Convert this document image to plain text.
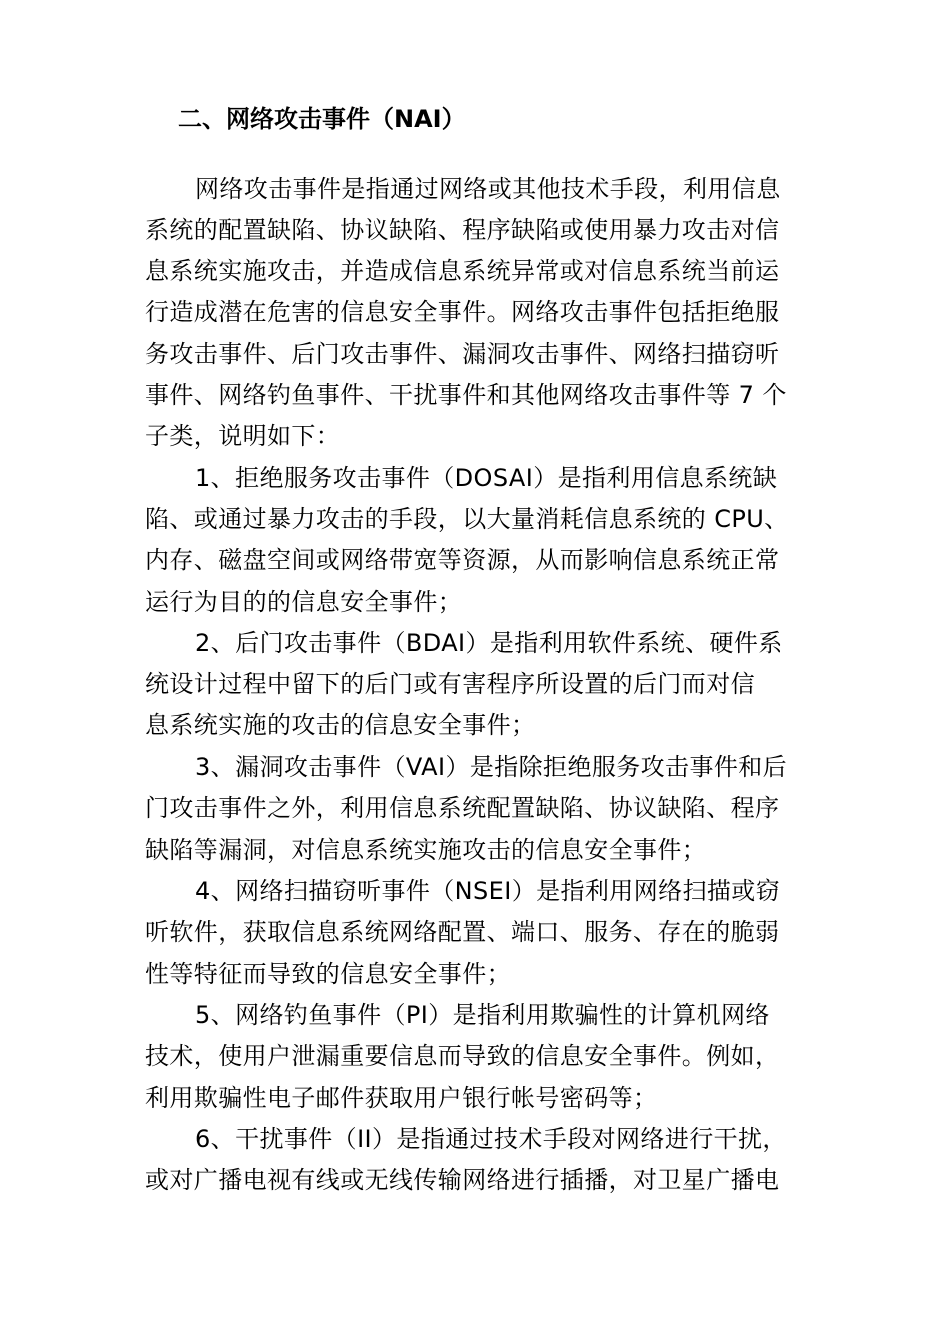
二、网络攻击事件（NAI）
网络攻击事件是指通过网络或其他技术手段，利用信息
系统的配置缺陷、协议缺陷、程序缺陷或使用暴力攻击对信
息系统实施攻击，并造成信息系统异常或对信息系统当前运
行造成潜在危害的信息安全事件。网络攻击事件包括拒绝服
务攻击事件、后门攻击事件、漏洞攻击事件、网络扫描窃听
事件、网络钓鱼事件、干扰事件和其他网络攻击事件等 7 个
子类，说明如下：
1、拒绝服务攻击事件（DOSAI）是指利用信息系统缺
陷、或通过暴力攻击的手段，以大量消耗信息系统的 CPU、
内存、磁盘空间或网络带宽等资源，从而影响信息系统正常
运行为目的的信息安全事件；
2、后门攻击事件（BDAI）是指利用软件系统、硬件系
统设计过程中留下的后门或有害程序所设置的后门而对信
息系统实施的攻击的信息安全事件；
3、漏洞攻击事件（VAI）是指除拒绝服务攻击事件和后
门攻击事件之外，利用信息系统配置缺陷、协议缺陷、程序
缺陷等漏洞，对信息系统实施攻击的信息安全事件；
4、网络扫描窃听事件（NSEI）是指利用网络扫描或窃
听软件，获取信息系统网络配置、端口、服务、存在的脆弱
性等特征而导致的信息安全事件；
5、网络钓鱼事件（PI）是指利用欺骗性的计算机网络
技术，使用户泄漏重要信息而导致的信息安全事件。例如，
利用欺骗性电子邮件获取用户银行帐号密码等；
6、干扰事件（II）是指通过技术手段对网络进行干扰，
或对广播电视有线或无线传输网络进行插播，对卫星广播电
